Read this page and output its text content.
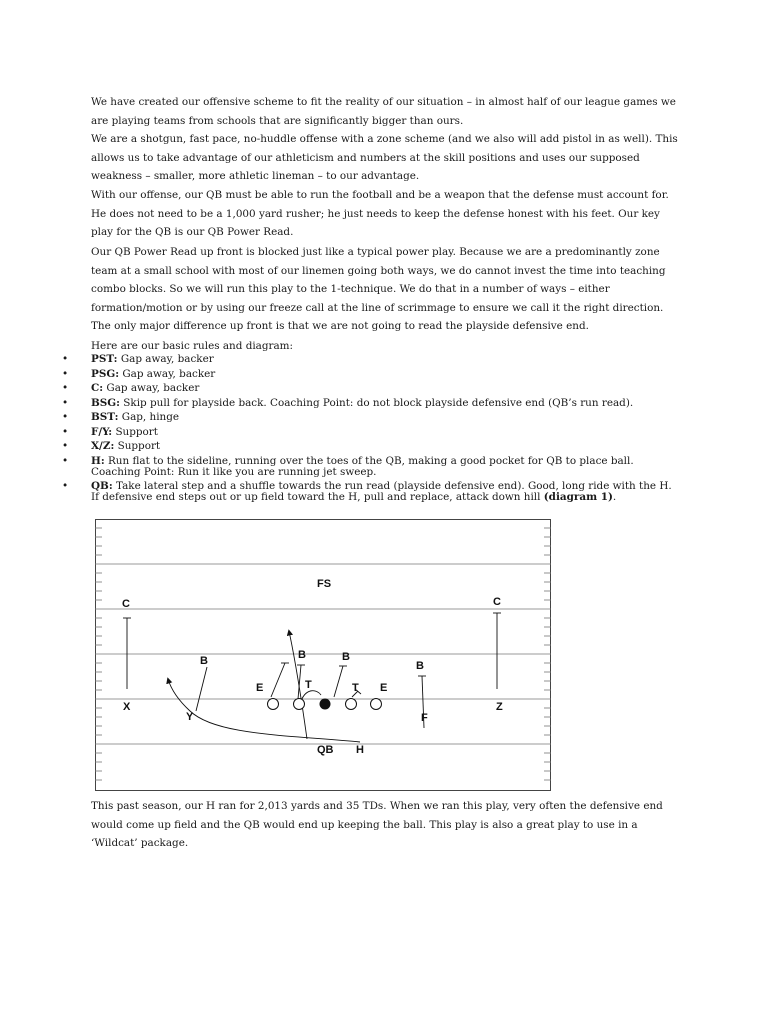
We have created our offensive scheme to fit the reality of our situation – in almost half of our league games we are playing teams from schools that are significantly bigger than ours.

We are a shotgun, fast pace, no-huddle offense with a zone scheme (and we also will add pistol in as well). This allows us to take advantage of our athleticism and numbers at the skill positions and uses our supposed weakness – smaller, more athletic lineman – to our advantage.

With our offense, our QB must be able to run the football and be a weapon that the defense must account for. He does not need to be a 1,000 yard rusher; he just needs to keep the defense honest with his feet. Our key play for the QB is our QB Power Read.

Our QB Power Read up front is blocked just like a typical power play. Because we are a predominantly zone team at a small school with most of our linemen going both ways, we do cannot invest the time into teaching combo blocks. So we will run this play to the 1-technique. We do that in a number of ways – either formation/motion or by using our freeze call at the line of scrimmage to ensure we call it the right direction. The only major difference up front is that we are not going to read the playside defensive end.

Here are our basic rules and diagram:

• PST: Gap away, backer
• PSG: Gap away, backer
• C: Gap away, backer
• BSG: Skip pull for playside back. Coaching Point: do not block playside defensive end (QB’s run read).
• BST: Gap, hinge
• F/Y: Support
• X/Z: Support
• H: Run flat to the sideline, running over the toes of the QB, making a good pocket for QB to place ball. Coaching Point: Run it like you are running jet sweep.
• QB: Take lateral step and a shuffle towards the run read (playside defensive end). Good, long ride with the H. If defensive end steps out or up field toward the H, pull and replace, attack down hill (diagram 1).
FS
C	C
B	B	B
B
E	T	T E
X
Y	F
Z
QB H

This past season, our H ran for 2,013 yards and 35 TDs. When we ran this play, very often the defensive end would come up field and the QB would end up keeping the ball. This play is also a great play to use in a ‘Wildcat’ package.
